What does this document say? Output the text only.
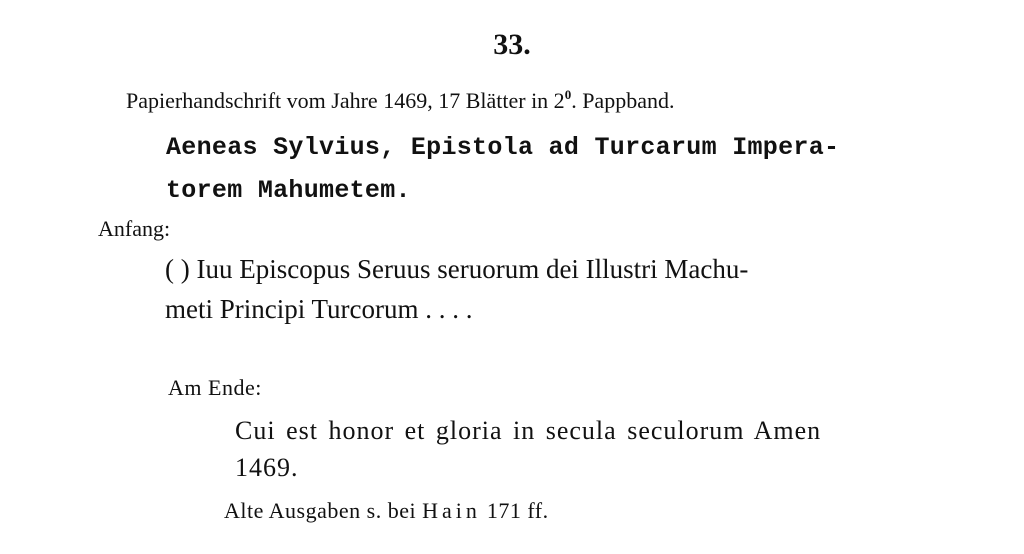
33.
Papierhandschrift vom Jahre 1469, 17 Blätter in $2^0$. Pappband.
Aeneas Sylvius, Epistola ad Turcarum Impera-
torem Mahumetem.
Anfang:
( ) Iuu Episcopus Seruus seruorum dei Illustri Machu-
meti Principi Turcorum . . . .
Am Ende:
Cui est honor et gloria in secula seculorum Amen
1469.
Alte Ausgaben s. bei Hain 171 ff.
